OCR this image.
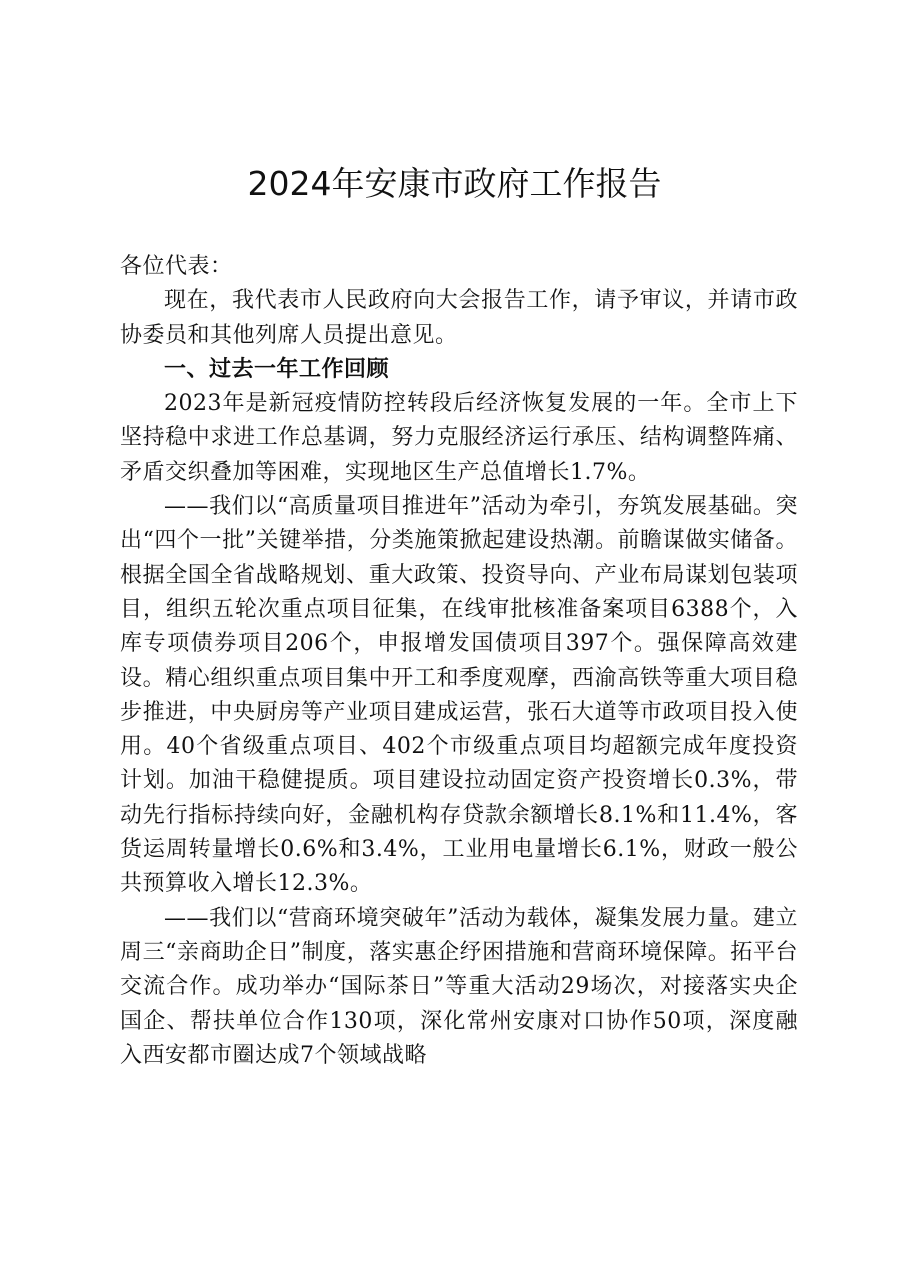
2024年安康市政府工作报告

各位代表：

现在，我代表市人民政府向大会报告工作，请予审议，并请市政协委员和其他列席人员提出意见。

一、过去一年工作回顾

2023年是新冠疫情防控转段后经济恢复发展的一年。全市上下坚持稳中求进工作总基调，努力克服经济运行承压、结构调整阵痛、矛盾交织叠加等困难，实现地区生产总值增长1.7%。

——我们以“高质量项目推进年”活动为牵引，夯筑发展基础。突出“四个一批”关键举措，分类施策掀起建设热潮。前瞻谋做实储备。根据全国全省战略规划、重大政策、投资导向、产业布局谋划包装项目，组织五轮次重点项目征集，在线审批核准备案项目6388个，入库专项债券项目206个，申报增发国债项目397个。强保障高效建设。精心组织重点项目集中开工和季度观摩，西渝高铁等重大项目稳步推进，中央厨房等产业项目建成运营，张石大道等市政项目投入使用。40个省级重点项目、402个市级重点项目均超额完成年度投资计划。加油干稳健提质。项目建设拉动固定资产投资增长0.3%，带动先行指标持续向好，金融机构存贷款余额增长8.1%和11.4%，客货运周转量增长0.6%和3.4%，工业用电量增长6.1%，财政一般公共预算收入增长12.3%。

——我们以“营商环境突破年”活动为载体，凝集发展力量。建立周三“亲商助企日”制度，落实惠企纾困措施和营商环境保障。拓平台交流合作。成功举办“国际茶日”等重大活动29场次，对接落实央企国企、帮扶单位合作130项，深化常州安康对口协作50项，深度融入西安都市圈达成7个领域战略
